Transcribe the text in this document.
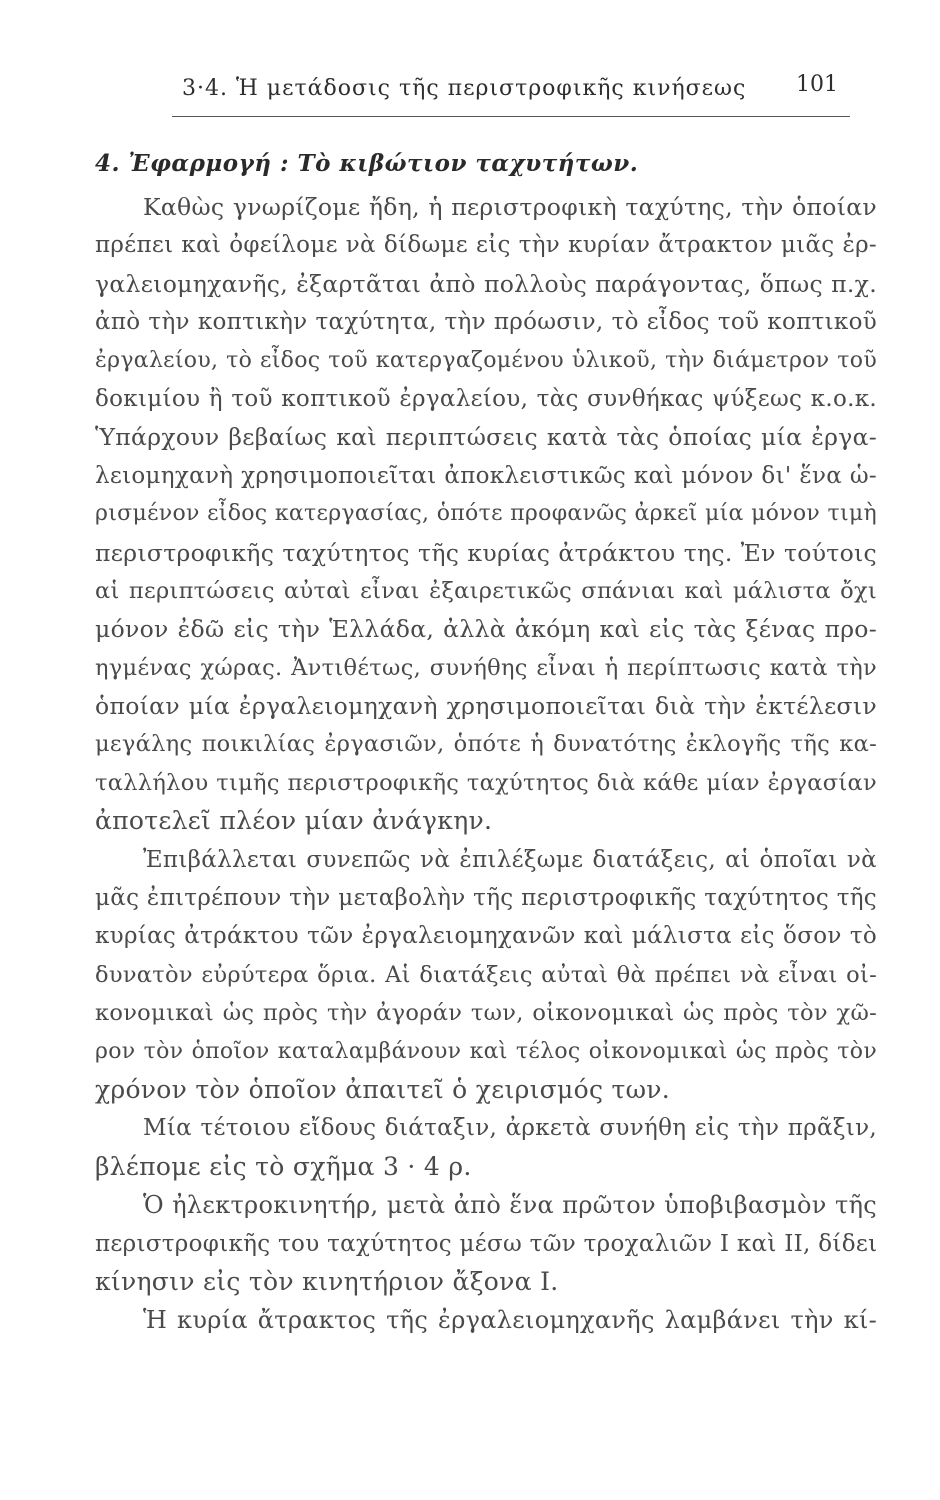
3·4. Ἡ μετάδοσις τῆς περιστροφικῆς κινήσεως 101
4. Ἐφαρμογή : Τὸ κιβώτιον ταχυτήτων.
Καθὼς γνωρίζομε ἤδη, ἡ περιστροφικὴ ταχύτης, τὴν ὁποίαν
πρέπει καὶ ὀφείλομε νὰ δίδωμε εἰς τὴν κυρίαν ἄτρακτον μιᾶς ἐρ-
γαλειομηχανῆς, ἐξαρτᾶται ἀπὸ πολλοὺς παράγοντας, ὅπως π.χ.
ἀπὸ τὴν κοπτικὴν ταχύτητα, τὴν πρόωσιν, τὸ εἶδος τοῦ κοπτικοῦ
ἐργαλείου, τὸ εἶδος τοῦ κατεργαζομένου ὑλικοῦ, τὴν διάμετρον τοῦ
δοκιμίου ἢ τοῦ κοπτικοῦ ἐργαλείου, τὰς συνθήκας ψύξεως κ.ο.κ.
Ὑπάρχουν βεβαίως καὶ περιπτώσεις κατὰ τὰς ὁποίας μία ἐργα-
λειομηχανὴ χρησιμοποιεῖται ἀποκλειστικῶς καὶ μόνον δι' ἕνα ὡ-
ρισμένον εἶδος κατεργασίας, ὁπότε προφανῶς ἀρκεῖ μία μόνον τιμὴ
περιστροφικῆς ταχύτητος τῆς κυρίας ἀτράκτου της. Ἐν τούτοις
αἱ περιπτώσεις αὐταὶ εἶναι ἐξαιρετικῶς σπάνιαι καὶ μάλιστα ὄχι
μόνον ἐδῶ εἰς τὴν Ἑλλάδα, ἀλλὰ ἀκόμη καὶ εἰς τὰς ξένας προ-
ηγμένας χώρας. Ἀντιθέτως, συνήθης εἶναι ἡ περίπτωσις κατὰ τὴν
ὁποίαν μία ἐργαλειομηχανὴ χρησιμοποιεῖται διὰ τὴν ἐκτέλεσιν
μεγάλης ποικιλίας ἐργασιῶν, ὁπότε ἡ δυνατότης ἐκλογῆς τῆς κα-
ταλλήλου τιμῆς περιστροφικῆς ταχύτητος διὰ κάθε μίαν ἐργασίαν
ἀποτελεῖ πλέον μίαν ἀνάγκην.
Ἐπιβάλλεται συνεπῶς νὰ ἐπιλέξωμε διατάξεις, αἱ ὁποῖαι νὰ
μᾶς ἐπιτρέπουν τὴν μεταβολὴν τῆς περιστροφικῆς ταχύτητος τῆς
κυρίας ἀτράκτου τῶν ἐργαλειομηχανῶν καὶ μάλιστα εἰς ὅσον τὸ
δυνατὸν εὐρύτερα ὅρια. Αἱ διατάξεις αὐταὶ θὰ πρέπει νὰ εἶναι οἰ-
κονομικαὶ ὡς πρὸς τὴν ἀγοράν των, οἰκονομικαὶ ὡς πρὸς τὸν χῶ-
ρον τὸν ὁποῖον καταλαμβάνουν καὶ τέλος οἰκονομικαὶ ὡς πρὸς τὸν
χρόνον τὸν ὁποῖον ἀπαιτεῖ ὁ χειρισμός των.
Μία τέτοιου εἴδους διάταξιν, ἀρκετὰ συνήθη εἰς τὴν πρᾶξιν,
βλέπομε εἰς τὸ σχῆμα 3 · 4 ρ.
Ὁ ἠλεκτροκινητήρ, μετὰ ἀπὸ ἕνα πρῶτον ὑποβιβασμὸν τῆς
περιστροφικῆς του ταχύτητος μέσω τῶν τροχαλιῶν Ι καὶ ΙΙ, δίδει
κίνησιν εἰς τὸν κινητήριον ἄξονα Ι.
Ἡ κυρία ἄτρακτος τῆς ἐργαλειομηχανῆς λαμβάνει τὴν κί-
